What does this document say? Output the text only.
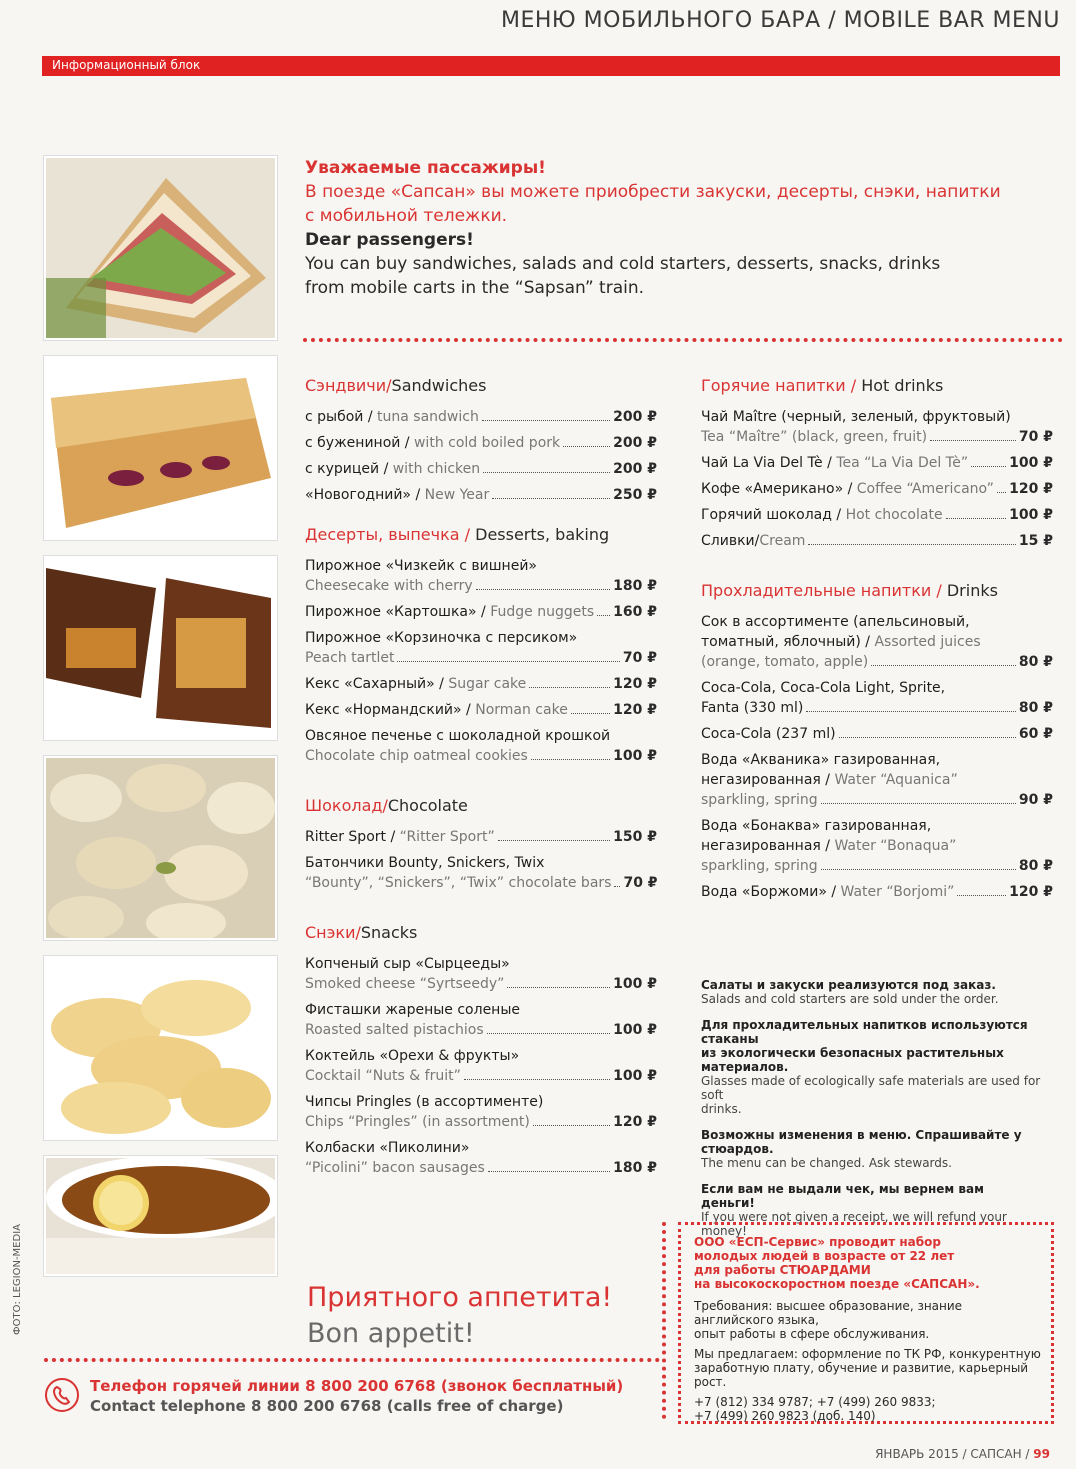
МЕНЮ МОБИЛЬНОГО БАРА / MOBILE BAR MENU
Информационный блок
Уважаемые пассажиры!
В поезде «Сапсан» вы можете приобрести закуски, десерты, снэки, напитки
с мобильной тележки.
Dear passengers!
You can buy sandwiches, salads and cold starters, desserts, snacks, drinks
from mobile carts in the “Sapsan” train.
Сэндвичи/Sandwiches
с рыбой / tuna sandwich	200 ₽
с бужениной / with cold boiled pork	200 ₽
с курицей / with chicken	200 ₽
«Новогодний» / New Year	250 ₽
Десерты, выпечка / Desserts, baking
Пирожное «Чизкейк с вишней»
Cheesecake with cherry	180 ₽
Пирожное «Картошка» / Fudge nuggets 160 ₽
Пирожное «Корзиночка с персиком»
Peach tartlet	70 ₽
Кекс «Сахарный» / Sugar cake	120 ₽
Кекс «Нормандский» / Norman cake	120 ₽
Овсяное печенье с шоколадной крошкой
Chocolate chip oatmeal cookies	100 ₽
Шоколад/Chocolate
Ritter Sport / “Ritter Sport”	150 ₽
Батончики Bounty, Snickers, Twix
“Bounty”, “Snickers”, “Twix” chocolate bars 70 ₽
Снэки/Snacks
Копченый сыр «Сырцееды»
Smoked cheese “Syrtseedy”	100 ₽
Фисташки жареные соленые
Roasted salted pistachios	100 ₽
Коктейль «Орехи & фрукты»
Cocktail “Nuts & fruit”	100 ₽
Чипсы Pringles (в ассортименте)
Chips “Pringles” (in assortment)	120 ₽
Колбаски «Пиколини»
“Picolini” bacon sausages	180 ₽
Горячие напитки / Hot drinks
Чай Maître (черный, зеленый, фруктовый)
Tea “Maître” (black, green, fruit)	70 ₽
Чай La Via Del Tè / Tea “La Via Del Tè”	100 ₽
Кофе «Американо» / Coffee “Americano” 120 ₽
Горячий шоколад / Hot chocolate	100 ₽
Сливки/Cream	15 ₽
Прохладительные напитки / Drinks
Сок в ассортименте (апельсиновый,
томатный, яблочный) / Assorted juices
(orange, tomato, apple)	80 ₽
Coca-Cola, Coca-Cola Light, Sprite,
Fanta (330 ml)	80 ₽
Coca-Cola (237 ml)	60 ₽
Вода «Акваника» газированная,
негазированная / Water “Aquanica”
sparkling, spring	90 ₽
Вода «Бонаква» газированная,
негазированная / Water “Bonaqua”
sparkling, spring	80 ₽
Вода «Боржоми» / Water “Borjomi”	120 ₽
Салаты и закуски реализуются под заказ.
Salads and cold starters are sold under the order.
Для прохладительных напитков используются стаканы
из экологически безопасных растительных материалов.
Glasses made of ecologically safe materials are used for soft
drinks.
Возможны изменения в меню. Спрашивайте у стюардов.
The menu can be changed. Ask stewards.
Если вам не выдали чек, мы вернем вам деньги!
If you were not given a receipt, we will refund your money!
ООО «ЕСП-Сервис» проводит набор
молодых людей в возрасте от 22 лет
для работы СТЮАРДАМИ
на высокоскоростном поезде «САПСАН».
Требования: высшее образование, знание английского языка,
опыт работы в сфере обслуживания.
Мы предлагаем: оформление по ТК РФ, конкурентную
заработную плату, обучение и развитие, карьерный рост.
+7 (812) 334 9787; +7 (499) 260 9833;
+7 (499) 260 9823 (доб. 140)
Приятного аппетита!
Bon appetit!
Телефон горячей линии 8 800 200 6768 (звонок бесплатный)
Contact telephone 8 800 200 6768 (calls free of charge)
ФОТО: LEGION-MEDIA
ЯНВАРЬ 2015 / САПСАН / 99
